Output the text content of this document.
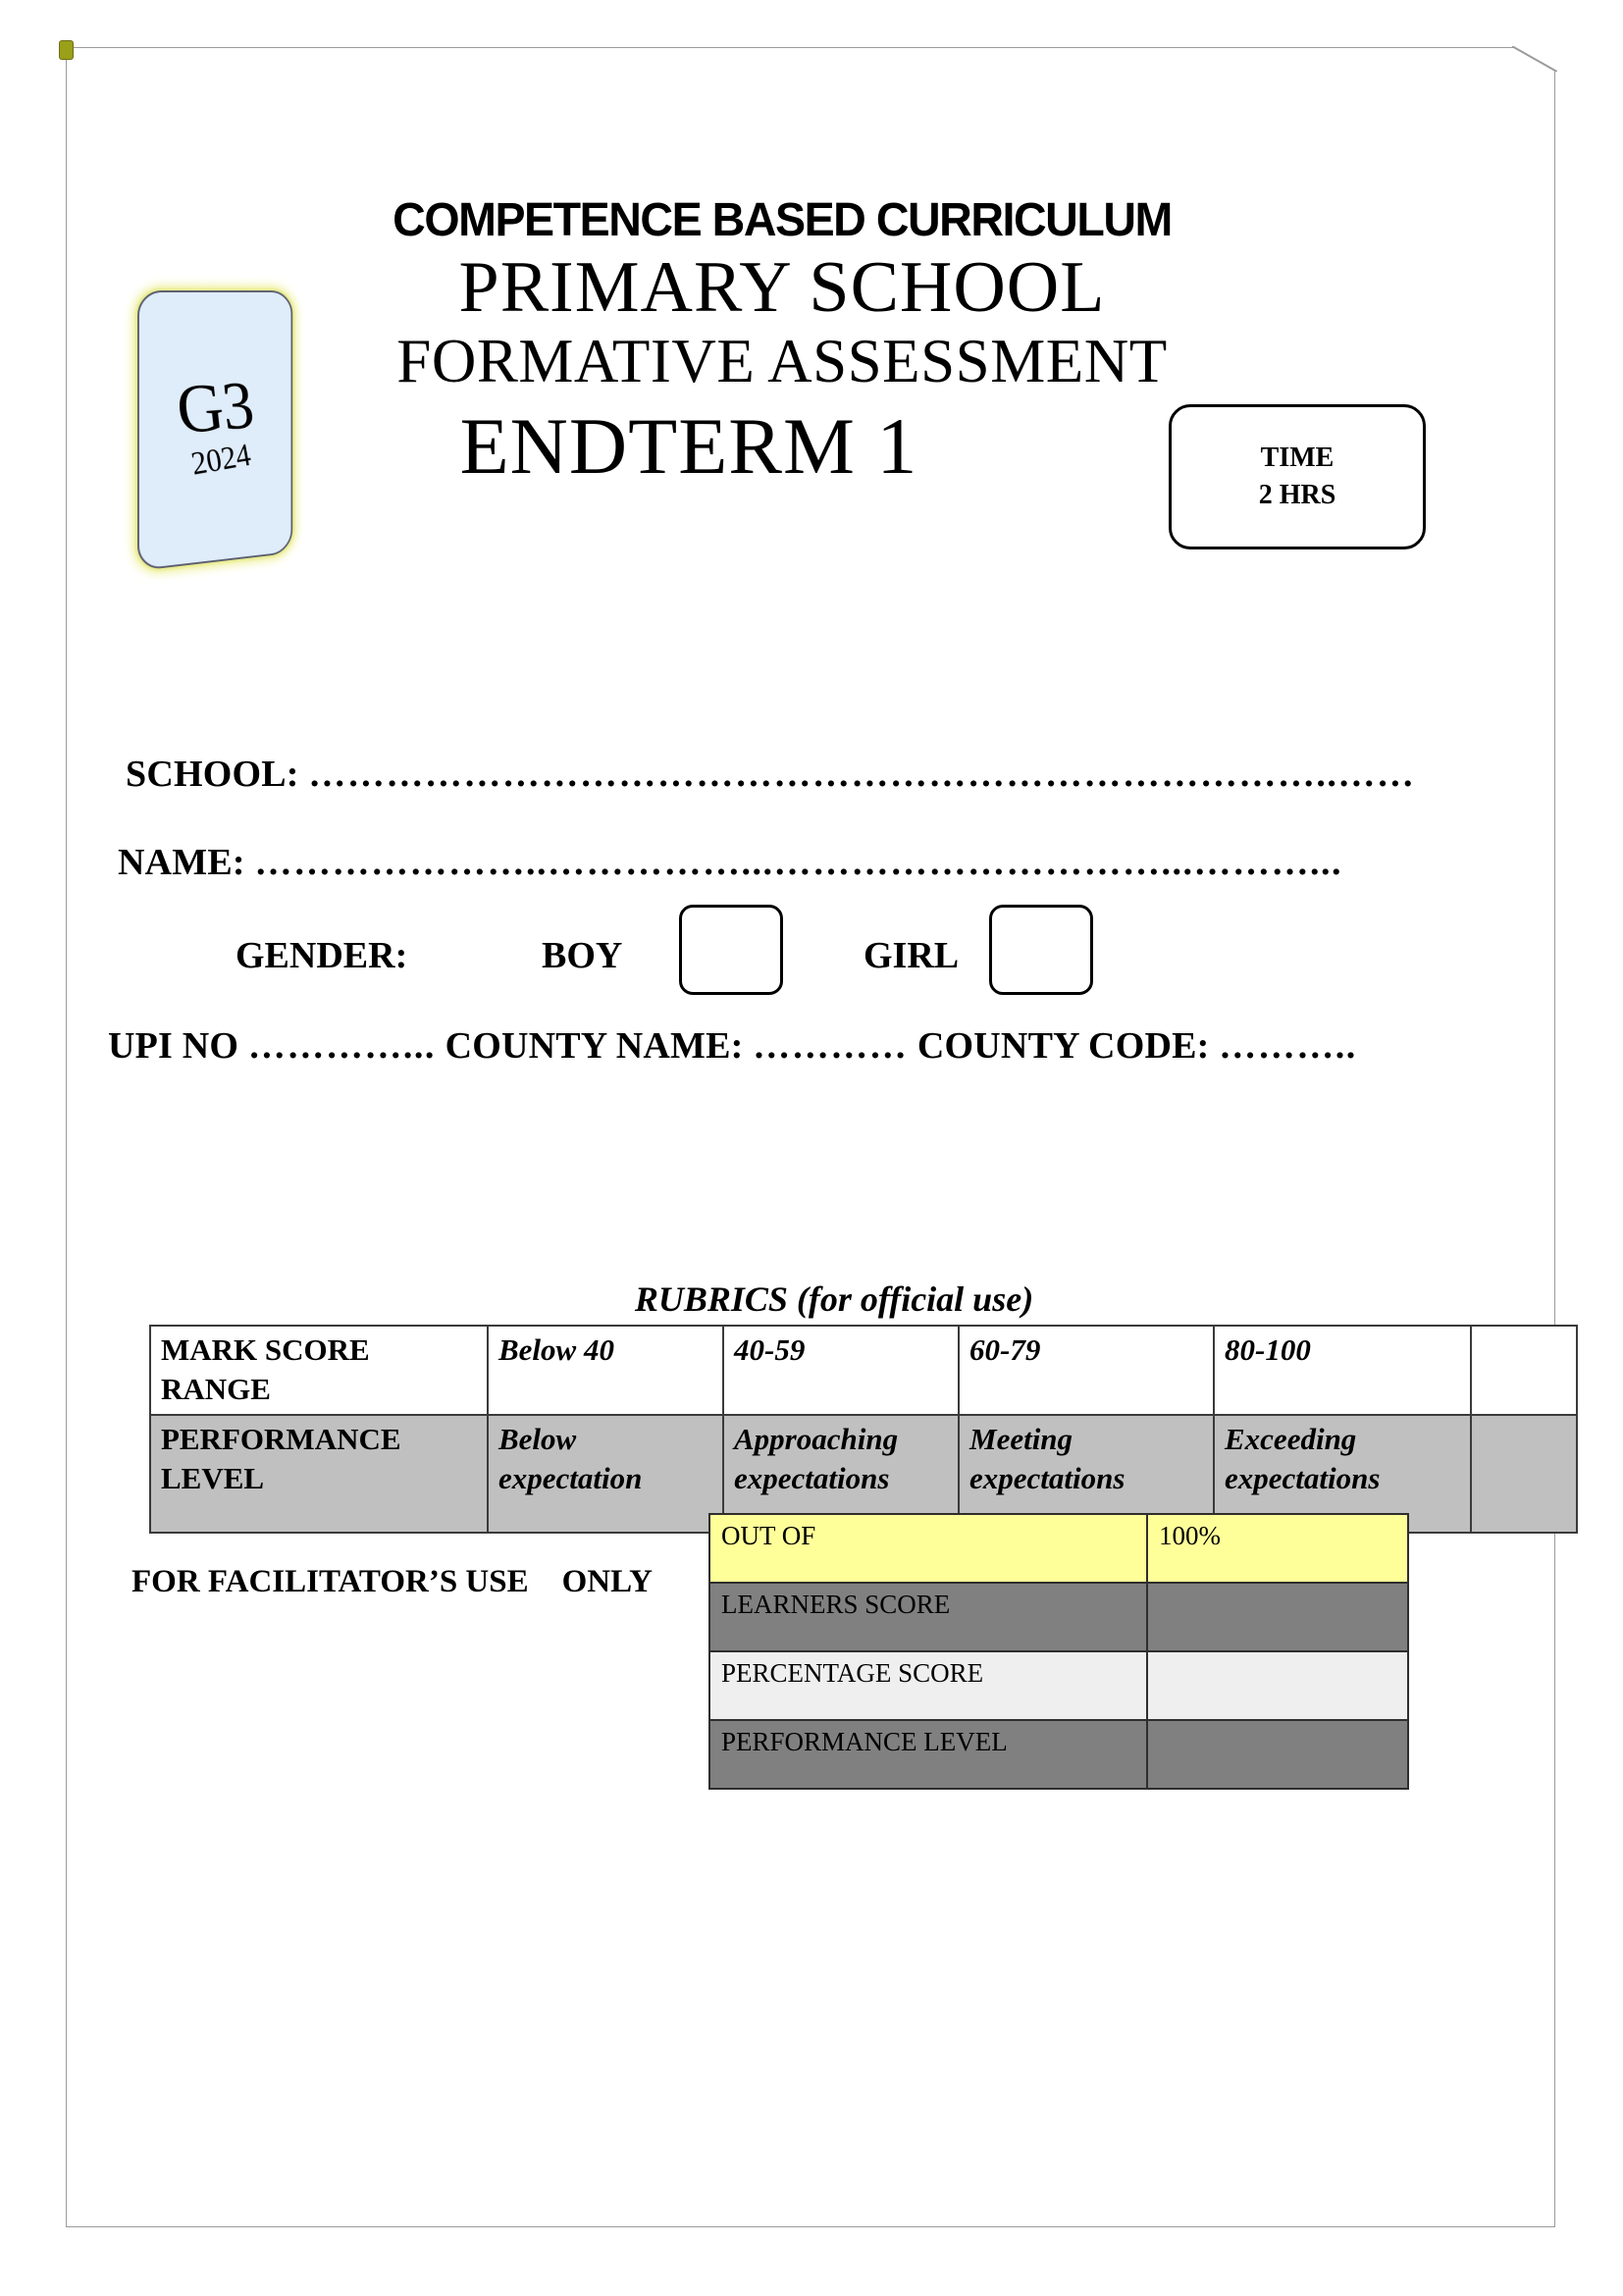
G3
2024
COMPETENCE BASED CURRICULUM
PRIMARY SCHOOL
FORMATIVE ASSESSMENT
ENDTERM 1	TIME
2 HRS
SCHOOL: ……………………………………………………………………..……
NAME: …………………..……………...…………………………...………...
GENDER:	BOY	GIRL
UPI NO …………... COUNTY NAME: ………… COUNTY CODE: ………..
RUBRICS (for official use)
MARK SCORE RANGE	Below 40	40-59	60-79	80-100	
PERFORMANCE LEVEL	Below expectation	Approaching expectations	Meeting expectations	Exceeding expectations	
FOR FACILITATOR’S USE ONLY
OUT OF	100%
LEARNERS SCORE	
PERCENTAGE SCORE	
PERFORMANCE LEVEL	
